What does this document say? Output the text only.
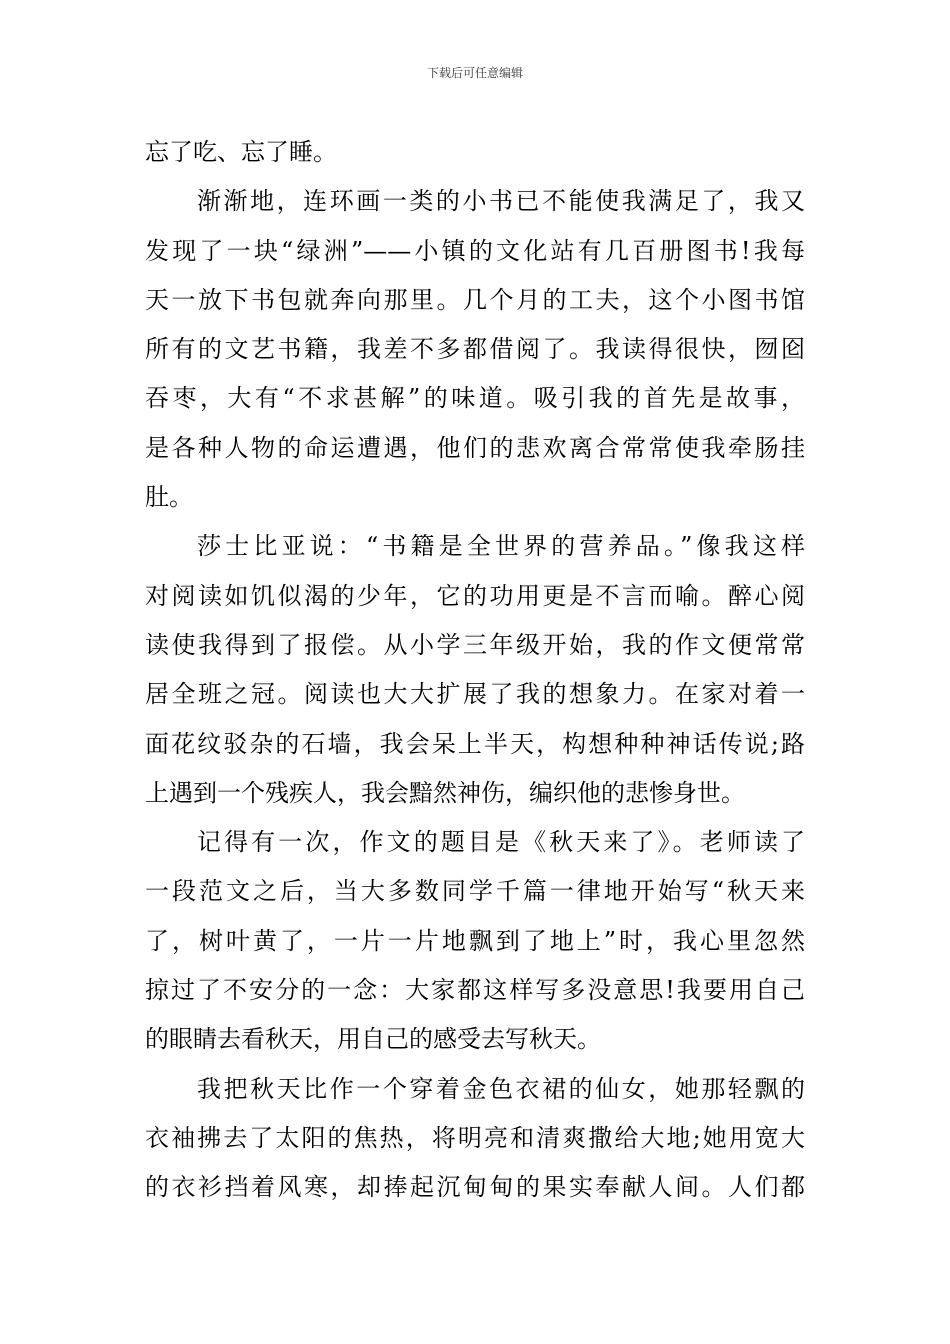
下载后可任意编辑
忘了吃、忘了睡。
渐渐地，连环画一类的小书已不能使我满足了，我又
发现了一块“绿洲”——小镇的文化站有几百册图书!我每
天一放下书包就奔向那里。几个月的工夫，这个小图书馆
所有的文艺书籍，我差不多都借阅了。我读得很快，囫囵
吞枣，大有“不求甚解”的味道。吸引我的首先是故事，
是各种人物的命运遭遇，他们的悲欢离合常常使我牵肠挂
肚。
莎士比亚说：“书籍是全世界的营养品。”像我这样
对阅读如饥似渴的少年，它的功用更是不言而喻。醉心阅
读使我得到了报偿。从小学三年级开始，我的作文便常常
居全班之冠。阅读也大大扩展了我的想象力。在家对着一
面花纹驳杂的石墙，我会呆上半天，构想种种神话传说;路
上遇到一个残疾人，我会黯然神伤，编织他的悲惨身世。
记得有一次，作文的题目是《秋天来了》。老师读了
一段范文之后，当大多数同学千篇一律地开始写“秋天来
了，树叶黄了，一片一片地飘到了地上”时，我心里忽然
掠过了不安分的一念：大家都这样写多没意思!我要用自己
的眼睛去看秋天，用自己的感受去写秋天。
我把秋天比作一个穿着金色衣裙的仙女，她那轻飘的
衣袖拂去了太阳的焦热，将明亮和清爽撒给大地;她用宽大
的衣衫挡着风寒，却捧起沉甸甸的果实奉献人间。人们都
